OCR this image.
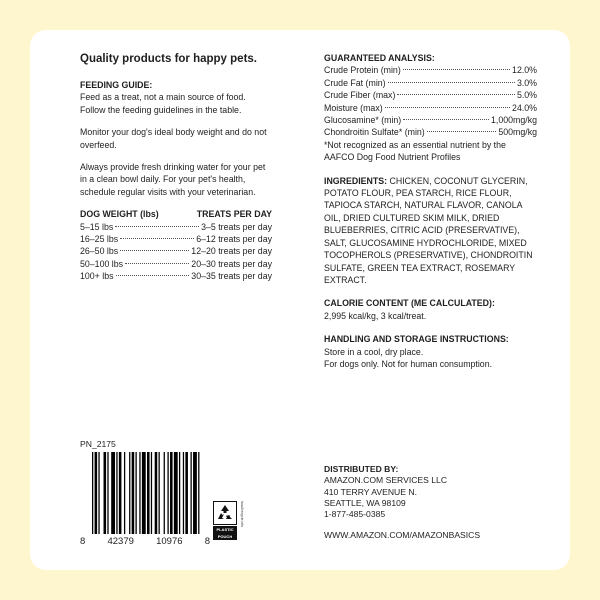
Quality products for happy pets.
FEEDING GUIDE:
Feed as a treat, not a main source of food. Follow the feeding guidelines in the table.
Monitor your dog's ideal body weight and do not overfeed.
Always provide fresh drinking water for your pet in a clean bowl daily. For your pet's health, schedule regular visits with your veterinarian.
DOG WEIGHT (lbs)	TREATS PER DAY
5–15 lbs	3–5 treats per day
16–25 lbs	6–12 treats per day
26–50 lbs	12–20 treats per day
50–100 lbs	20–30 treats per day
100+ lbs	30–35 treats per day
GUARANTEED ANALYSIS:
Crude Protein (min)	12.0%
Crude Fat (min)	3.0%
Crude Fiber (max)	5.0%
Moisture (max)	24.0%
Glucosamine* (min)	1,000mg/kg
Chondroitin Sulfate* (min)	500mg/kg
*Not recognized as an essential nutrient by the AAFCO Dog Food Nutrient Profiles
INGREDIENTS: CHICKEN, COCONUT GLYCERIN, POTATO FLOUR, PEA STARCH, RICE FLOUR, TAPIOCA STARCH, NATURAL FLAVOR, CANOLA OIL, DRIED CULTURED SKIM MILK, DRIED BLUEBERRIES, CITRIC ACID (PRESERVATIVE), SALT, GLUCOSAMINE HYDROCHLORIDE, MIXED TOCOPHEROLS (PRESERVATIVE), CHONDROITIN SULFATE, GREEN TEA EXTRACT, ROSEMARY EXTRACT.
CALORIE CONTENT (ME CALCULATED):
2,995 kcal/kg, 3 kcal/treat.
HANDLING AND STORAGE INSTRUCTIONS:
Store in a cool, dry place.
For dogs only. Not for human consumption.
PN_2175
8 42379 10976 8
PLASTIC
POUCH
how2recycle.info
DISTRIBUTED BY:
AMAZON.COM SERVICES LLC
410 TERRY AVENUE N.
SEATTLE, WA 98109
1-877-485-0385
WWW.AMAZON.COM/AMAZONBASICS
